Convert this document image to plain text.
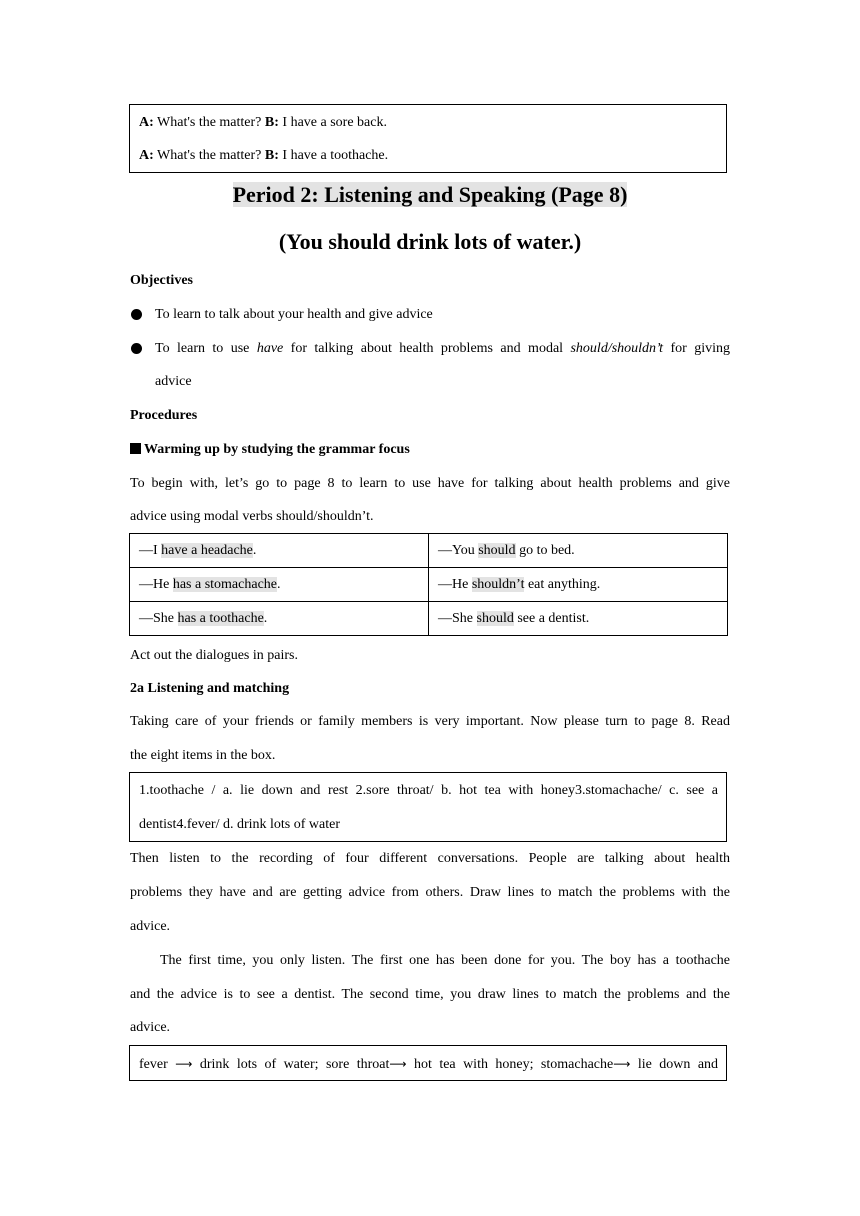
A: What's the matter? B: I have a sore back.
A: What's the matter? B: I have a toothache.
Period 2: Listening and Speaking (Page 8)
(You should drink lots of water.)
Objectives
To learn to talk about your health and give advice
To learn to use have for talking about health problems and modal should/shouldn’t for giving
advice
Procedures
Warming up by studying the grammar focus
To begin with, let’s go to page 8 to learn to use have for talking about health problems and give
advice using modal verbs should/shouldn’t.
—I have a headache.	—You should go to bed.
—He has a stomachache.	—He shouldn’t eat anything.
—She has a toothache.	—She should see a dentist.
Act out the dialogues in pairs.
2a Listening and matching
Taking care of your friends or family members is very important. Now please turn to page 8. Read
the eight items in the box.
1.toothache / a. lie down and rest 2.sore throat/ b. hot tea with honey3.stomachache/ c. see a
dentist4.fever/ d. drink lots of water
Then listen to the recording of four different conversations. People are talking about health
problems they have and are getting advice from others. Draw lines to match the problems with the
advice.
The first time, you only listen. The first one has been done for you. The boy has a toothache
and the advice is to see a dentist. The second time, you draw lines to match the problems and the
advice.
fever ⟶ drink lots of water; sore throat⟶ hot tea with honey; stomachache⟶ lie down and
